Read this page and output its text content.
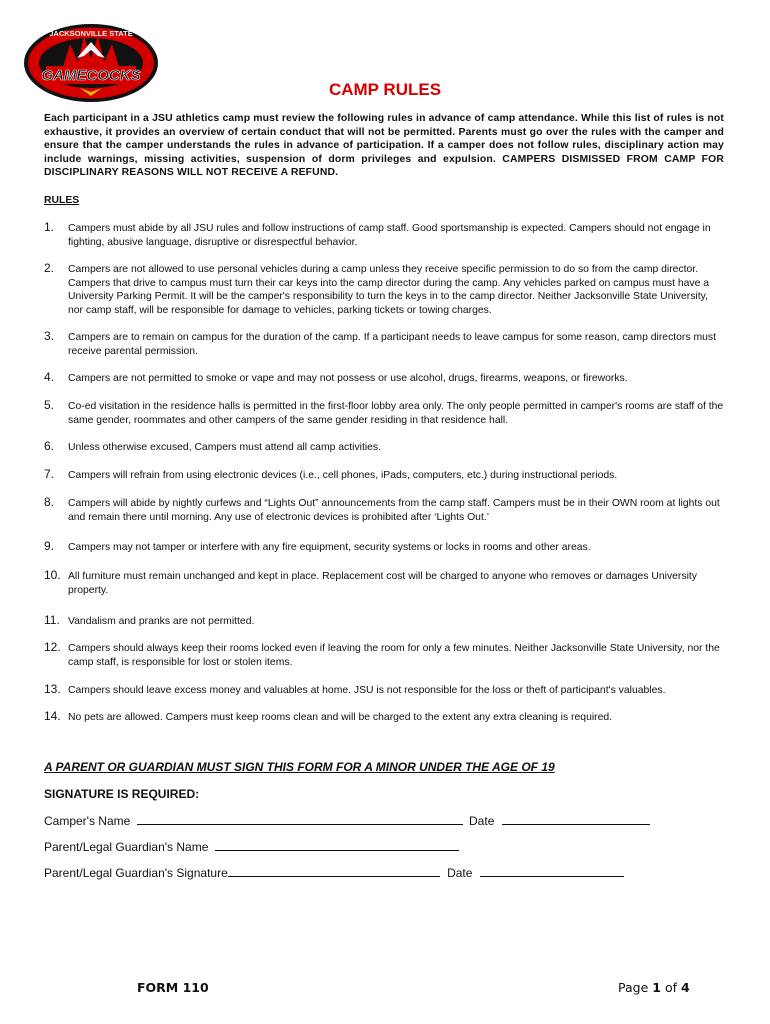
GAMECOCKS
JACKSONVILLE STATE
CAMP RULES
Each participant in a JSU athletics camp must review the following rules in advance of camp attendance. While this list of rules is not exhaustive, it provides an overview of certain conduct that will not be permitted. Parents must go over the rules with the camper and ensure that the camper understands the rules in advance of participation. If a camper does not follow rules, disciplinary action may include warnings, missing activities, suspension of dorm privileges and expulsion. CAMPERS DISMISSED FROM CAMP FOR DISCIPLINARY REASONS WILL NOT RECEIVE A REFUND.
RULES
1. Campers must abide by all JSU rules and follow instructions of camp staff. Good sportsmanship is expected. Campers should not engage in fighting, abusive language, disruptive or disrespectful behavior.
2. Campers are not allowed to use personal vehicles during a camp unless they receive specific permission to do so from the camp director. Campers that drive to campus must turn their car keys into the camp director during the camp. Any vehicles parked on campus must have a University Parking Permit. It will be the camper's responsibility to turn the keys in to the camp director. Neither Jacksonville State University, nor camp staff, will be responsible for damage to vehicles, parking tickets or towing charges.
3. Campers are to remain on campus for the duration of the camp. If a participant needs to leave campus for some reason, camp directors must receive parental permission.
4. Campers are not permitted to smoke or vape and may not possess or use alcohol, drugs, firearms, weapons, or fireworks.
5. Co-ed visitation in the residence halls is permitted in the first-floor lobby area only. The only people permitted in camper's rooms are staff of the same gender, roommates and other campers of the same gender residing in that residence hall.
6. Unless otherwise excused, Campers must attend all camp activities.
7. Campers will refrain from using electronic devices (i.e., cell phones, iPads, computers, etc.) during instructional periods.
8. Campers will abide by nightly curfews and “Lights Out” announcements from the camp staff. Campers must be in their OWN room at lights out and remain there until morning. Any use of electronic devices is prohibited after ‘Lights Out.’
9. Campers may not tamper or interfere with any fire equipment, security systems or locks in rooms and other areas.
10. All furniture must remain unchanged and kept in place. Replacement cost will be charged to anyone who removes or damages University property.
11. Vandalism and pranks are not permitted.
12. Campers should always keep their rooms locked even if leaving the room for only a few minutes. Neither Jacksonville State University, nor the camp staff, is responsible for lost or stolen items.
13. Campers should leave excess money and valuables at home. JSU is not responsible for the loss or theft of participant's valuables.
14. No pets are allowed. Campers must keep rooms clean and will be charged to the extent any extra cleaning is required.
A PARENT OR GUARDIAN MUST SIGN THIS FORM FOR A MINOR UNDER THE AGE OF 19
SIGNATURE IS REQUIRED:
Camper's Name	Date
Parent/Legal Guardian's Name
Parent/Legal Guardian's Signature	Date
FORM 110	Page 1 of 4
